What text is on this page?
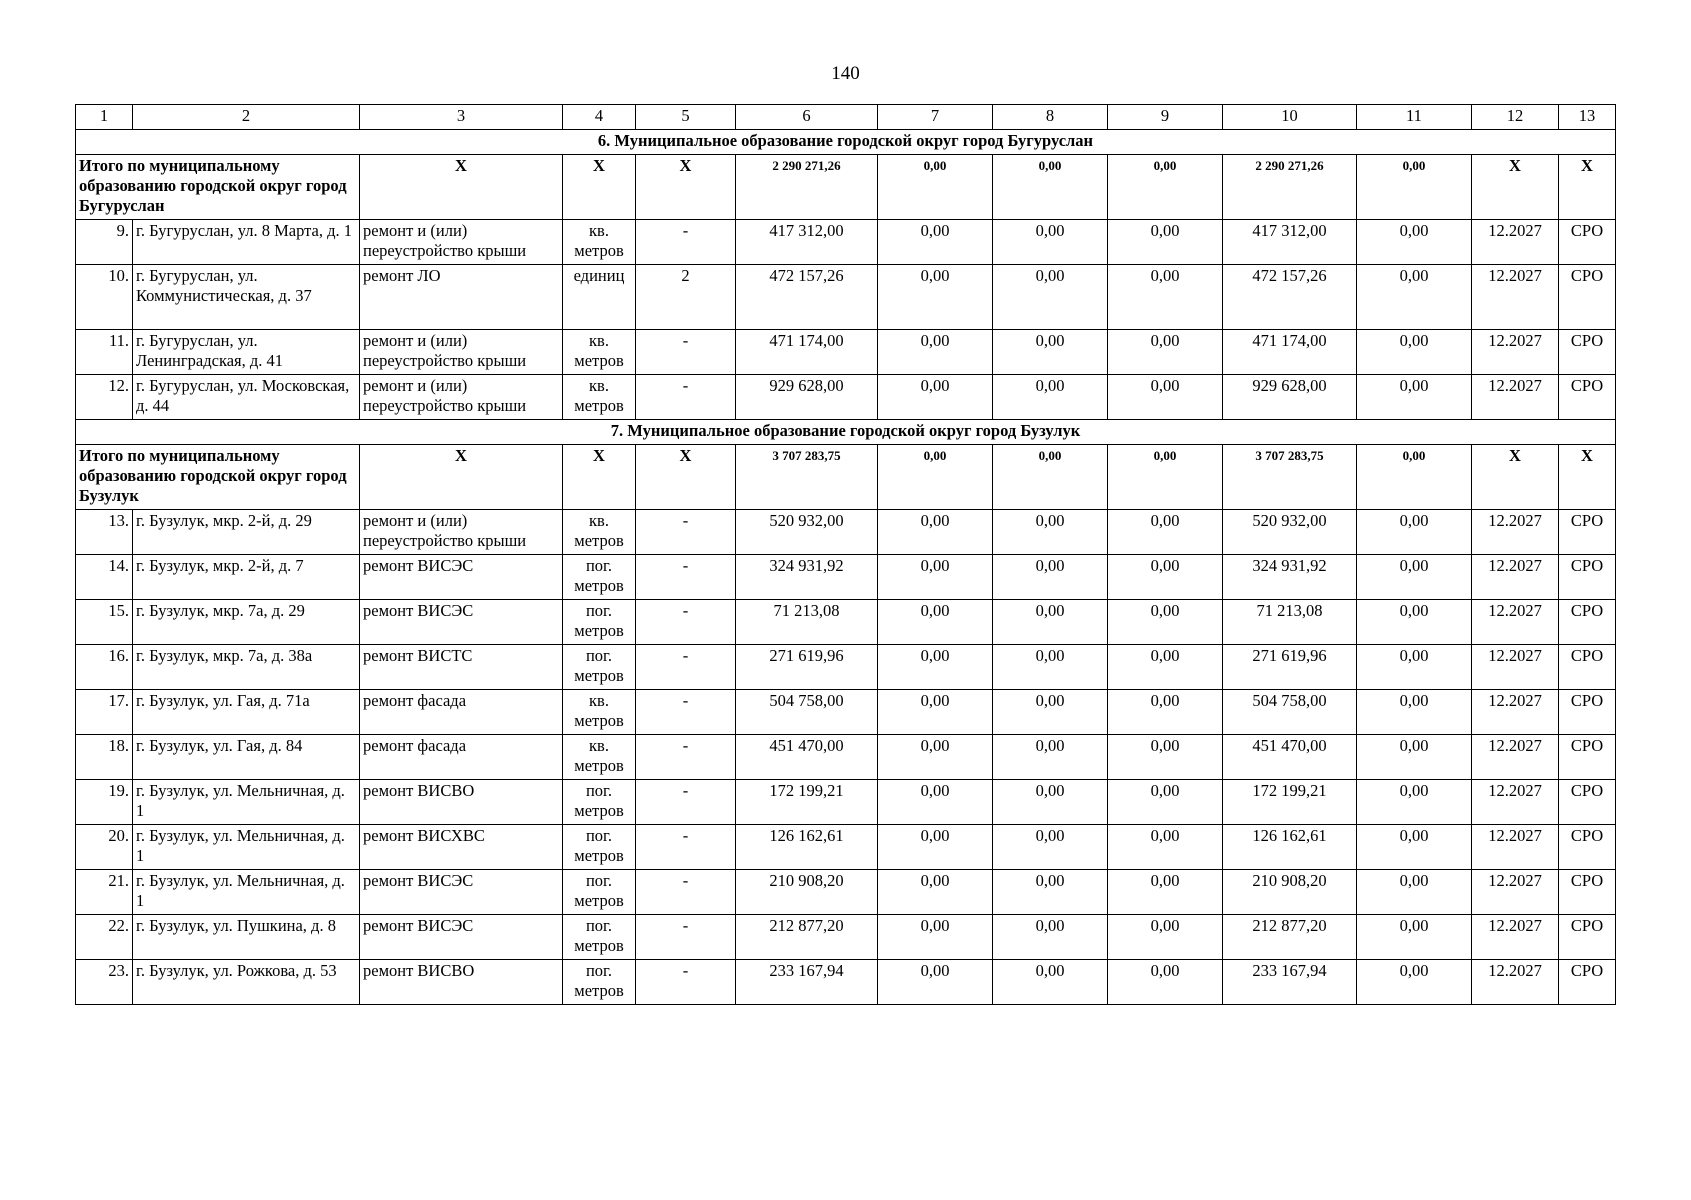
140
1	2	3	4	5	6	7	8	9	10	11	12	13
6. Муниципальное образование городской округ город Бугуруслан												
Итого по муниципальному образованию городской округ город Бугуруслан		X	X	X	2 290 271,26	0,00	0,00	0,00	2 290 271,26	0,00	X	X
9.	г. Бугуруслан, ул. 8 Марта, д. 1	ремонт и (или) переустройство крыши	кв. метров	-	417 312,00	0,00	0,00	0,00	417 312,00	0,00	12.2027	СРО
10.	г. Бугуруслан, ул. Коммунистическая, д. 37	ремонт ЛО	единиц	2	472 157,26	0,00	0,00	0,00	472 157,26	0,00	12.2027	СРО
11.	г. Бугуруслан, ул. Ленинградская, д. 41	ремонт и (или) переустройство крыши	кв. метров	-	471 174,00	0,00	0,00	0,00	471 174,00	0,00	12.2027	СРО
12.	г. Бугуруслан, ул. Московская, д. 44	ремонт и (или) переустройство крыши	кв. метров	-	929 628,00	0,00	0,00	0,00	929 628,00	0,00	12.2027	СРО
7. Муниципальное образование городской округ город Бузулук												
Итого по муниципальному образованию городской округ город Бузулук		X	X	X	3 707 283,75	0,00	0,00	0,00	3 707 283,75	0,00	X	X
13.	г. Бузулук, мкр. 2-й, д. 29	ремонт и (или) переустройство крыши	кв. метров	-	520 932,00	0,00	0,00	0,00	520 932,00	0,00	12.2027	СРО
14.	г. Бузулук, мкр. 2-й, д. 7	ремонт ВИСЭС	пог. метров	-	324 931,92	0,00	0,00	0,00	324 931,92	0,00	12.2027	СРО
15.	г. Бузулук, мкр. 7а, д. 29	ремонт ВИСЭС	пог. метров	-	71 213,08	0,00	0,00	0,00	71 213,08	0,00	12.2027	СРО
16.	г. Бузулук, мкр. 7а, д. 38а	ремонт ВИСТС	пог. метров	-	271 619,96	0,00	0,00	0,00	271 619,96	0,00	12.2027	СРО
17.	г. Бузулук, ул. Гая, д. 71а	ремонт фасада	кв. метров	-	504 758,00	0,00	0,00	0,00	504 758,00	0,00	12.2027	СРО
18.	г. Бузулук, ул. Гая, д. 84	ремонт фасада	кв. метров	-	451 470,00	0,00	0,00	0,00	451 470,00	0,00	12.2027	СРО
19.	г. Бузулук, ул. Мельничная, д. 1	ремонт ВИСВО	пог. метров	-	172 199,21	0,00	0,00	0,00	172 199,21	0,00	12.2027	СРО
20.	г. Бузулук, ул. Мельничная, д. 1	ремонт ВИСХВС	пог. метров	-	126 162,61	0,00	0,00	0,00	126 162,61	0,00	12.2027	СРО
21.	г. Бузулук, ул. Мельничная, д. 1	ремонт ВИСЭС	пог. метров	-	210 908,20	0,00	0,00	0,00	210 908,20	0,00	12.2027	СРО
22.	г. Бузулук, ул. Пушкина, д. 8	ремонт ВИСЭС	пог. метров	-	212 877,20	0,00	0,00	0,00	212 877,20	0,00	12.2027	СРО
23.	г. Бузулук, ул. Рожкова, д. 53	ремонт ВИСВО	пог. метров	-	233 167,94	0,00	0,00	0,00	233 167,94	0,00	12.2027	СРО
